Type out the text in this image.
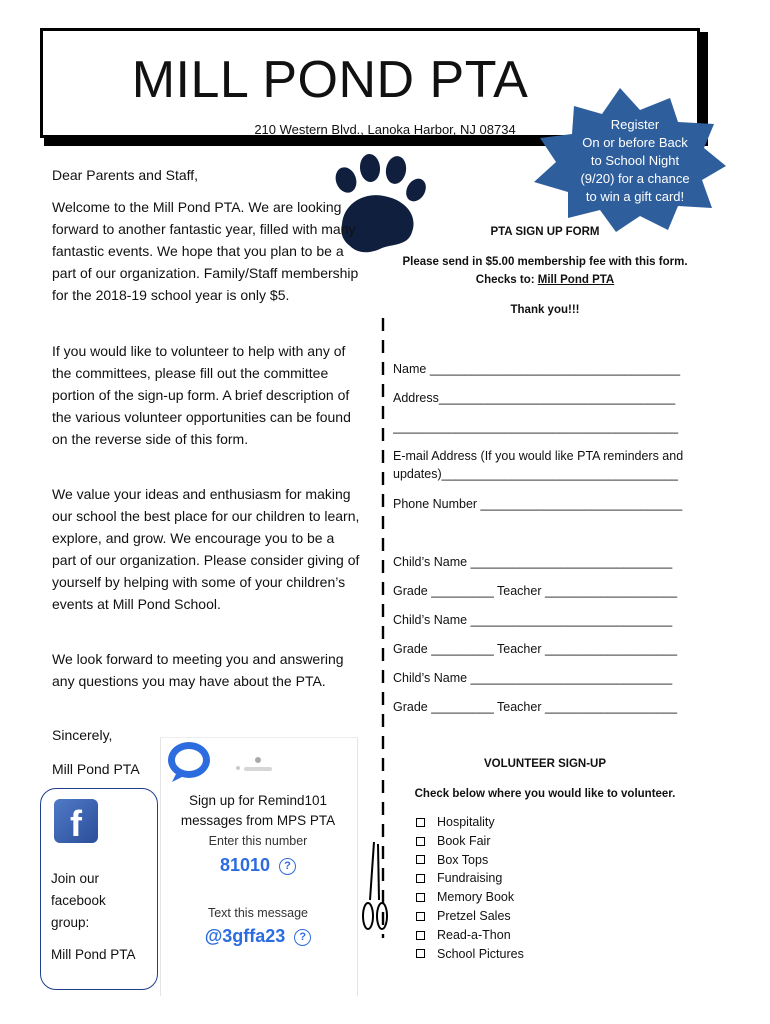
MILL POND PTA
210 Western Blvd., Lanoka Harbor, NJ 08734	Register
On or before Back
to School Night
(9/20) for a chance
to win a gift card!
Dear Parents and Staff,
Welcome to the Mill Pond PTA. We are looking forward to another fantastic year, filled with many fantastic events. We hope that you plan to be a part of our organization. Family/Staff membership for the 2018-19 school year is only $5.
If you would like to volunteer to help with any of the committees, please fill out the committee portion of the sign-up form. A brief description of the various volunteer opportunities can be found on the reverse side of this form.
We value your ideas and enthusiasm for making our school the best place for our children to learn, explore, and grow. We encourage you to be a part of our organization. Please consider giving of yourself by helping with some of your children’s events at Mill Pond School.
We look forward to meeting you and answering any questions you may have about the PTA.
Sincerely,
Mill Pond PTA
PTA SIGN UP FORM
Please send in $5.00 membership fee with this form.
Checks to: Mill Pond PTA
Thank you!!!
Name ____________________________________
Address__________________________________
_________________________________________
E-mail Address (If you would like PTA reminders and
updates)__________________________________
Phone Number _____________________________
Child’s Name _____________________________
Grade _________ Teacher ___________________
Child’s Name _____________________________
Grade _________ Teacher ___________________
Child’s Name _____________________________
Grade _________ Teacher ___________________
VOLUNTEER SIGN-UP
Check below where you would like to volunteer.
Hospitality
Book Fair
Box Tops
Fundraising
Memory Book
Pretzel Sales
Read-a-Thon
School Pictures
f
Join our
facebook
group:
Mill Pond PTA
Sign up for Remind101
messages from MPS PTA
Enter this number
81010 ?
Text this message
@3gffa23 ?
